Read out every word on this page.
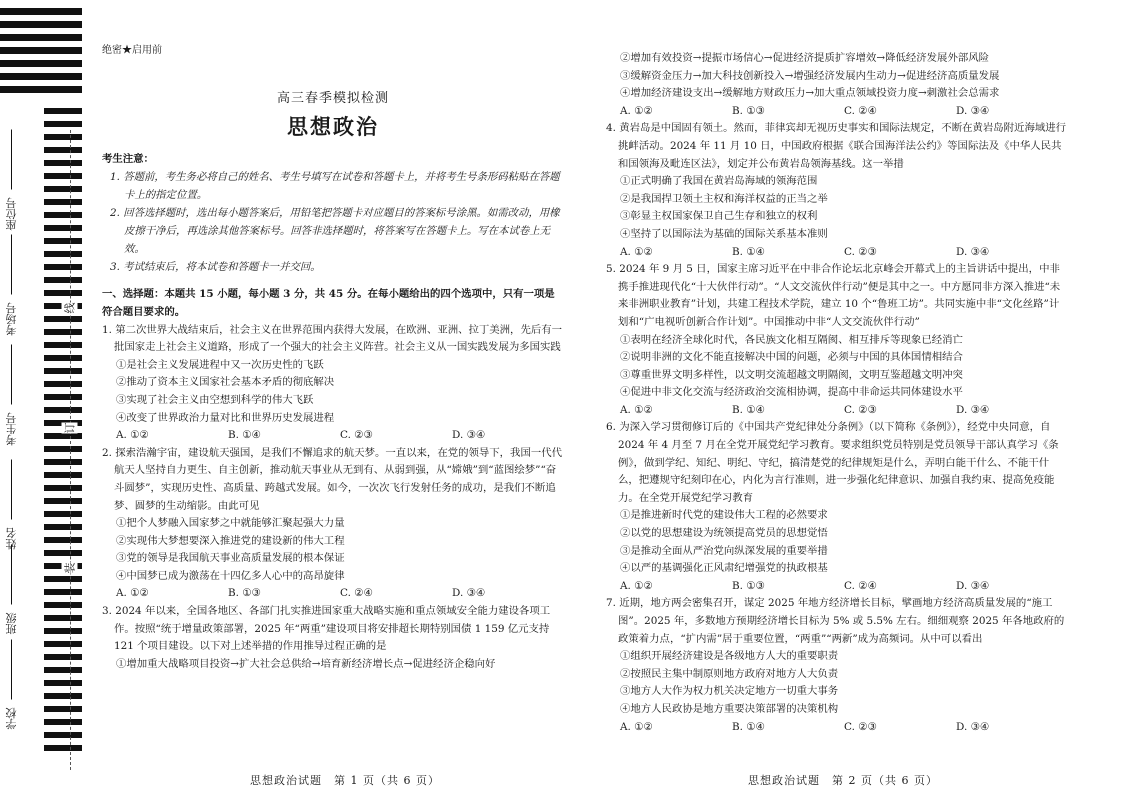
座位号
考场号
考生号
姓名
班级
学校
线
订
装
绝密★启用前
高三春季模拟检测
思想政治
考生注意：

1. 答题前，考生务必将自己的姓名、考生号填写在试卷和答题卡上，并将考生号条形码粘贴在答题卡上的指定位置。

2. 回答选择题时，选出每小题答案后，用铅笔把答题卡对应题目的答案标号涂黑。如需改动，用橡皮擦干净后，再选涂其他答案标号。回答非选择题时，将答案写在答题卡上。写在本试卷上无效。

3. 考试结束后，将本试卷和答题卡一并交回。

一、选择题：本题共 15 小题，每小题 3 分，共 45 分。在每小题给出的四个选项中，只有一项是符合题目要求的。

1. 第二次世界大战结束后，社会主义在世界范围内获得大发展，在欧洲、亚洲、拉丁美洲，先后有一批国家走上社会主义道路，形成了一个强大的社会主义阵营。社会主义从一国实践发展为多国实践

①是社会主义发展进程中又一次历史性的飞跃

②推动了资本主义国家社会基本矛盾的彻底解决

③实现了社会主义由空想到科学的伟大飞跃

④改变了世界政治力量对比和世界历史发展进程

A. ①②	B. ①④	C. ②③	D. ③④

2. 探索浩瀚宇宙，建设航天强国，是我们不懈追求的航天梦。一直以来，在党的领导下，我国一代代航天人坚持自力更生、自主创新，推动航天事业从无到有、从弱到强，从“嫦娥”到“蓝图绘梦”“奋斗圆梦”，实现历史性、高质量、跨越式发展。如今，一次次飞行发射任务的成功，是我们不断追梦、圆梦的生动缩影。由此可见

①把个人梦融入国家梦之中就能够汇聚起强大力量

②实现伟大梦想要深入推进党的建设新的伟大工程

③党的领导是我国航天事业高质量发展的根本保证

④中国梦已成为激荡在十四亿多人心中的高昂旋律

A. ①②	B. ①③	C. ②④	D. ③④

3. 2024 年以来，全国各地区、各部门扎实推进国家重大战略实施和重点领域安全能力建设各项工作。按照“统于增量政策部署，2025 年“两重”建设项目将安排超长期特别国债 1 159 亿元支持 121 个项目建设。以下对上述举措的作用推导过程正确的是

①增加重大战略项目投资→扩大社会总供给→培育新经济增长点→促进经济企稳向好

②增加有效投资→提振市场信心→促进经济提质扩容增效→降低经济发展外部风险

③缓解资金压力→加大科技创新投入→增强经济发展内生动力→促进经济高质量发展

④增加经济建设支出→缓解地方财政压力→加大重点领域投资力度→刺激社会总需求

A. ①②	B. ①③	C. ②④	D. ③④

4. 黄岩岛是中国固有领土。然而，菲律宾却无视历史事实和国际法规定，不断在黄岩岛附近海域进行挑衅活动。2024 年 11 月 10 日，中国政府根据《联合国海洋法公约》等国际法及《中华人民共和国领海及毗连区法》，划定并公布黄岩岛领海基线。这一举措

①正式明确了我国在黄岩岛海域的领海范围

②是我国捍卫领土主权和海洋权益的正当之举

③彰显主权国家保卫自己生存和独立的权利

④坚持了以国际法为基础的国际关系基本准则

A. ①②	B. ①④	C. ②③	D. ③④

5. 2024 年 9 月 5 日，国家主席习近平在中非合作论坛北京峰会开幕式上的主旨讲话中提出，中非携手推进现代化“十大伙伴行动”。“人文交流伙伴行动”便是其中之一。中方愿同非方深入推进“未来非洲职业教育”计划，共建工程技术学院，建立 10 个“鲁班工坊”。共同实施中非“文化丝路”计划和“广电视听创新合作计划”。中国推动中非“人文交流伙伴行动”

①表明在经济全球化时代，各民族文化相互隔阂、相互排斥等现象已经消亡

②说明非洲的文化不能直接解决中国的问题，必须与中国的具体国情相结合

③尊重世界文明多样性，以文明交流超越文明隔阂，文明互鉴超越文明冲突

④促进中非文化交流与经济政治交流相协调，提高中非命运共同体建设水平

A. ①②	B. ①④	C. ②③	D. ③④

6. 为深入学习贯彻修订后的《中国共产党纪律处分条例》（以下简称《条例》），经党中央同意，自 2024 年 4 月至 7 月在全党开展党纪学习教育。要求组织党员特别是党员领导干部认真学习《条例》，做到学纪、知纪、明纪、守纪，搞清楚党的纪律规矩是什么，弄明白能干什么、不能干什么，把遵规守纪刻印在心，内化为言行准则，进一步强化纪律意识、加强自我约束、提高免疫能力。在全党开展党纪学习教育

①是推进新时代党的建设伟大工程的必然要求

②以党的思想建设为统领提高党员的思想觉悟

③是推动全面从严治党向纵深发展的重要举措

④以严的基调强化正风肃纪增强党的执政根基

A. ①②	B. ①③	C. ②④	D. ③④

7. 近期，地方两会密集召开，谋定 2025 年地方经济增长目标，擘画地方经济高质量发展的“施工图”。2025 年，多数地方预期经济增长目标为 5% 或 5.5% 左右。细细观察 2025 年各地政府的政策着力点，“扩内需”居于重要位置，“两重”“两新”成为高频词。从中可以看出

①组织开展经济建设是各级地方人大的重要职责

②按照民主集中制原则地方政府对地方人大负责

③地方人大作为权力机关决定地方一切重大事务

④地方人民政协是地方重要决策部署的决策机构

A. ①②	B. ①④	C. ②③	D. ③④
思想政治试题　第 1 页（共 6 页）	思想政治试题　第 2 页（共 6 页）
